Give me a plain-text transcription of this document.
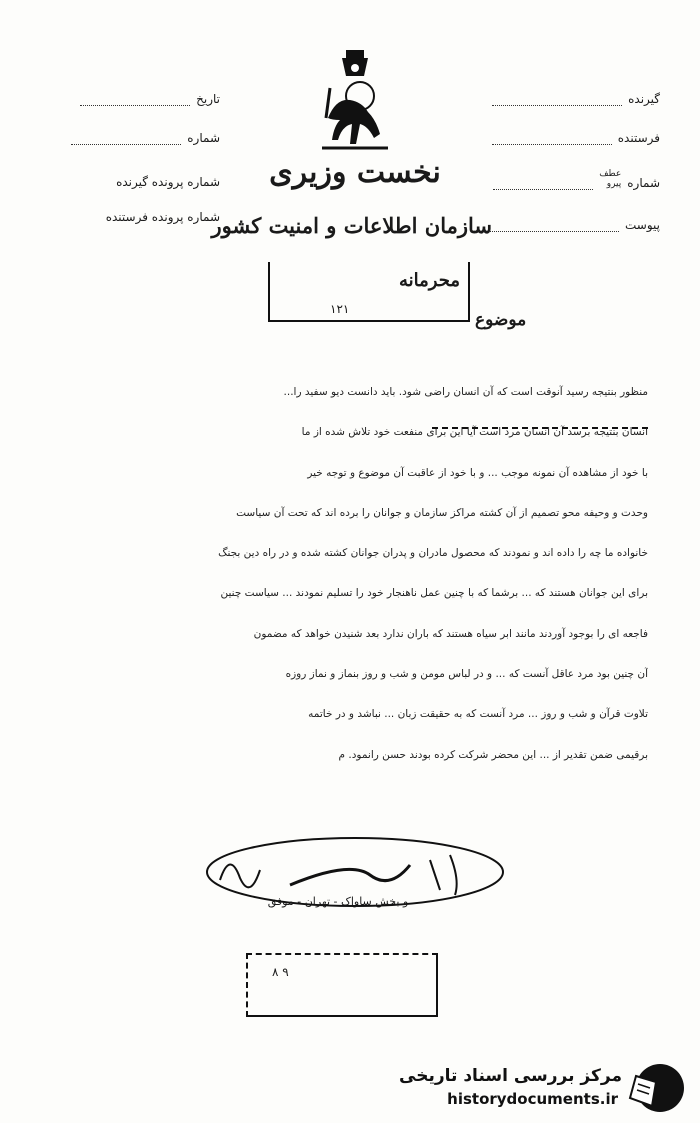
نخست وزیری
سازمان اطلاعات و امنیت کشور
گیرنده
فرستنده
شماره
عطف
پیرو
پیوست
تاریخ
شماره
شماره پرونده گیرنده
شماره پرونده فرستنده
محرمانه
۱۲۱
موضوع
منظور بنتیجه رسید آنوقت است که آن انسان راضی شود. باید دانست دیو سفید را...
انسان بنتیجه برسد آن انسان مرد است آیا این برای منفعت خود تلاش شده از ما
با خود از مشاهده آن نمونه موجب ... و با خود از عاقبت آن موضوع و توجه خیر
وحدت و وحیفه محو تصمیم از آن کشته مراکز سازمان و جوانان را برده اند که تحت آن سیاست
خانواده ما چه را داده اند و نمودند که محصول مادران و پدران جوانان کشته شده و در راه دین بجنگ
برای این جوانان هستند که ... برشما که با چنین عمل ناهنجار خود را تسلیم نمودند ... سیاست چنین
فاجعه ای را بوجود آوردند مانند ابر سیاه هستند که باران ندارد بعد شنیدن خواهد که مضمون
آن چنین بود مرد عاقل آنست که ... و در لباس مومن و شب و روز بنماز و نماز روزه
تلاوت قرآن و شب و روز ... مرد آنست که به حقیقت زبان ... نباشد و در خاتمه
برقیمی ضمن تقدیر از ... این محضر شرکت کرده بودند حسن رانمود. م
و بخش ساواک - تهران - موفق
۸ ۹
مرکز بررسی اسناد تاریخی
historydocuments.ir
